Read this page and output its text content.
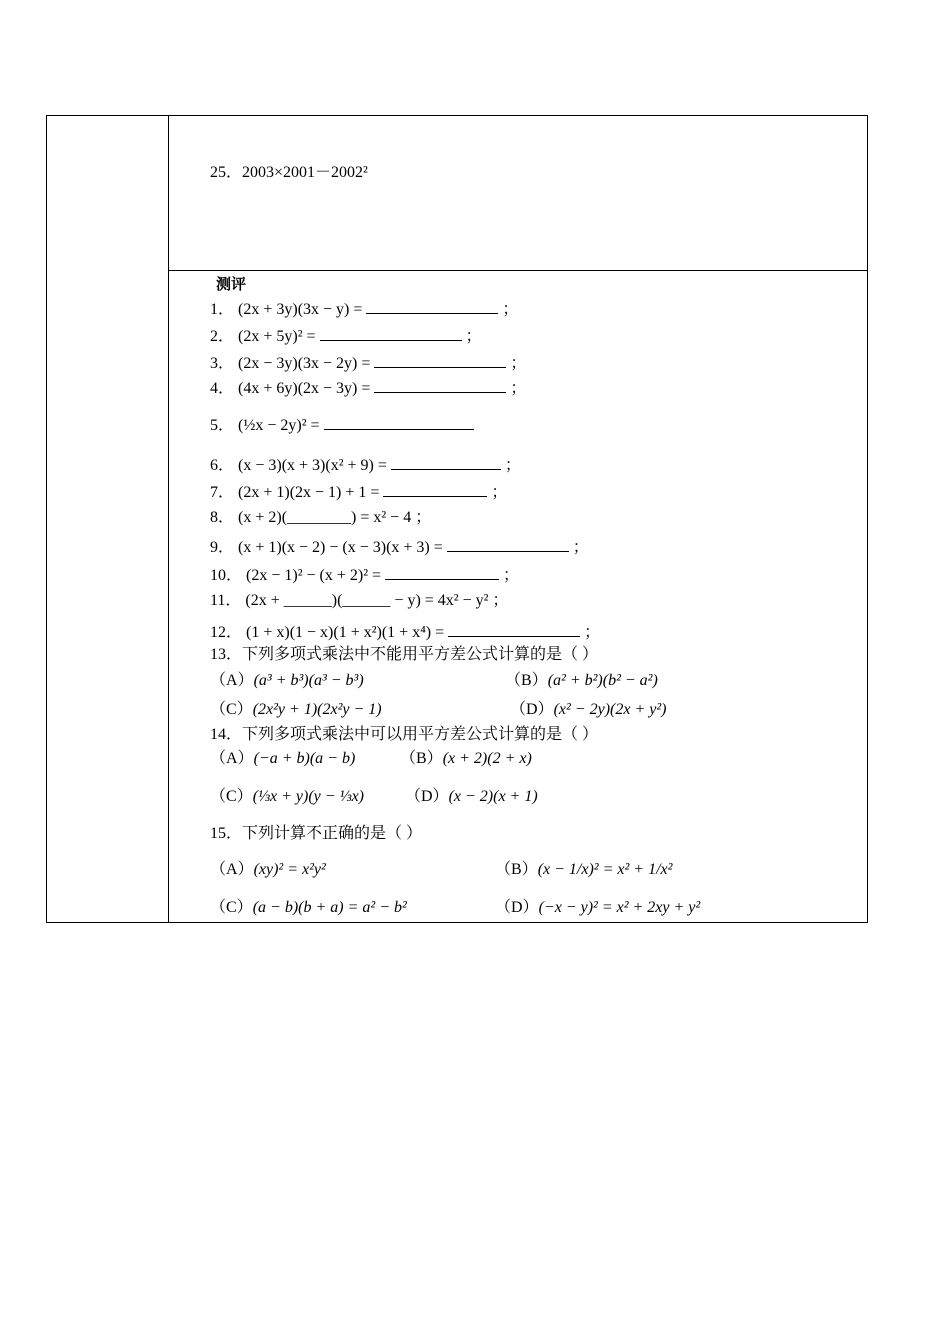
25．2003×2001－2002²
测评
1． (2x + 3y)(3x − y) =	；
2． (2x + 5y)² =	；
3． (2x − 3y)(3x − 2y) =	；
4． (4x + 6y)(2x − 3y) =	；
5． (½x − 2y)² =
6． (x − 3)(x + 3)(x² + 9) =	；
7． (2x + 1)(2x − 1) + 1 =	；
8． (x + 2)(________) = x² − 4 ；
9． (x + 1)(x − 2) − (x − 3)(x + 3) =	；
10． (2x − 1)² − (x + 2)² =	；
11． (2x + ______)(______ − y) = 4x² − y² ；
12． (1 + x)(1 − x)(1 + x²)(1 + x⁴) =	；
13．下列多项式乘法中不能用平方差公式计算的是（ ）
（A）(a³ + b³)(a³ − b³)	（B）(a² + b²)(b² − a²)
（C）(2x²y + 1)(2x²y − 1)	（D）(x² − 2y)(2x + y²)
14．下列多项式乘法中可以用平方差公式计算的是（ ）
（A）(−a + b)(a − b)	（B）(x + 2)(2 + x)
（C）(⅓x + y)(y − ⅓x)	（D）(x − 2)(x + 1)
15．下列计算不正确的是（ ）
（A）(xy)² = x²y²	（B）(x − 1/x)² = x² + 1/x²
（C）(a − b)(b + a) = a² − b²	（D）(−x − y)² = x² + 2xy + y²
